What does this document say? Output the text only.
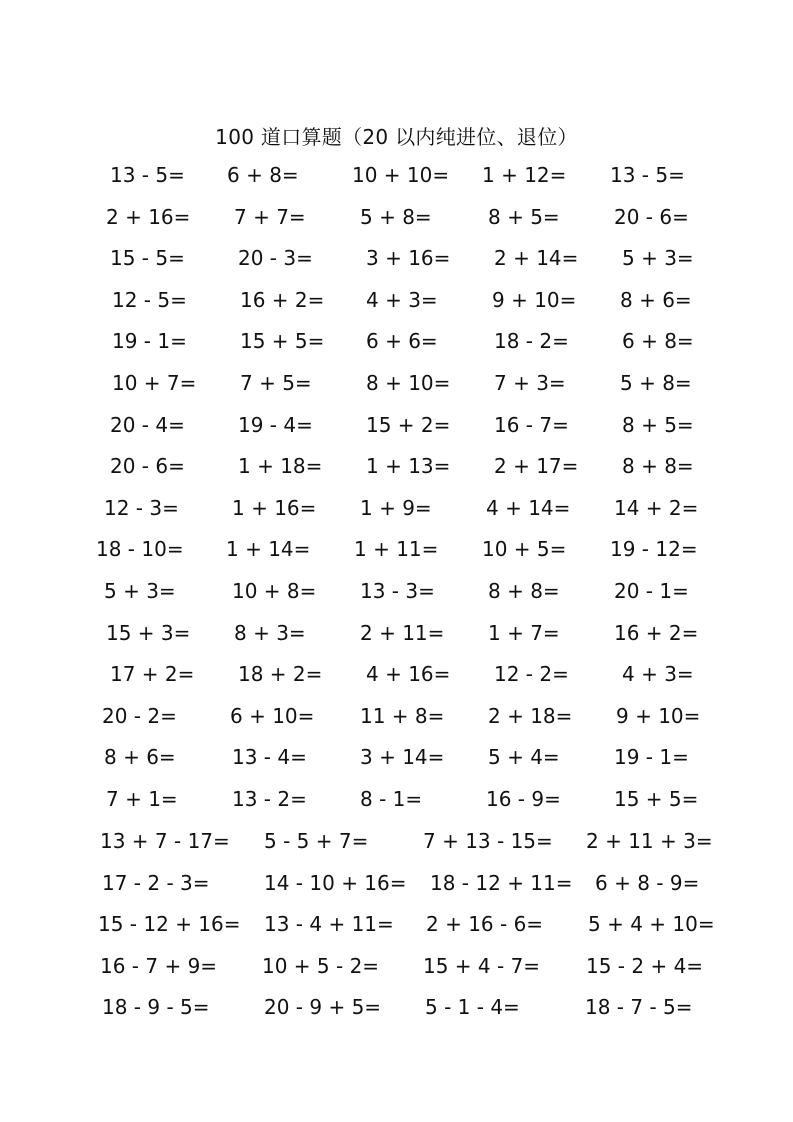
100 道口算题（20 以内纯进位、退位）
13 - 5= 6 + 8=	10 + 10= 1 + 12= 13 - 5=
2 + 16= 7 + 7=	5 + 8=	8 + 5=	20 - 6=
15 - 5=	20 - 3=	3 + 16= 2 + 14= 5 + 3=
12 - 5=	16 + 2= 4 + 3=	9 + 10= 8 + 6=
19 - 1=	15 + 5= 6 + 6=	18 - 2=	6 + 8=
10 + 7= 7 + 5=	8 + 10= 7 + 3=	5 + 8=
20 - 4=	19 - 4=	15 + 2= 16 - 7=	8 + 5=
20 - 6=	1 + 18= 1 + 13= 2 + 17= 8 + 8=
12 - 3=	1 + 16= 1 + 9=	4 + 14= 14 + 2=
18 - 10= 1 + 14= 1 + 11= 10 + 5= 19 - 12=
5 + 3=	10 + 8= 13 - 3=	8 + 8=	20 - 1=
15 + 3= 8 + 3=	2 + 11= 1 + 7=	16 + 2=
17 + 2= 18 + 2= 4 + 16= 12 - 2=	4 + 3=
20 - 2=	6 + 10= 11 + 8= 2 + 18= 9 + 10=
8 + 6=	13 - 4=	3 + 14= 5 + 4=	19 - 1=
7 + 1=	13 - 2=	8 - 1=	16 - 9=	15 + 5=
13 + 7 - 17= 5 - 5 + 7=	7 + 13 - 15= 2 + 11 + 3=
17 - 2 - 3=	14 - 10 + 16= 18 - 12 + 11= 6 + 8 - 9=
15 - 12 + 16= 13 - 4 + 11= 2 + 16 - 6= 5 + 4 + 10=
16 - 7 + 9= 10 + 5 - 2= 15 + 4 - 7= 15 - 2 + 4=
18 - 9 - 5=	20 - 9 + 5= 5 - 1 - 4=	18 - 7 - 5=
